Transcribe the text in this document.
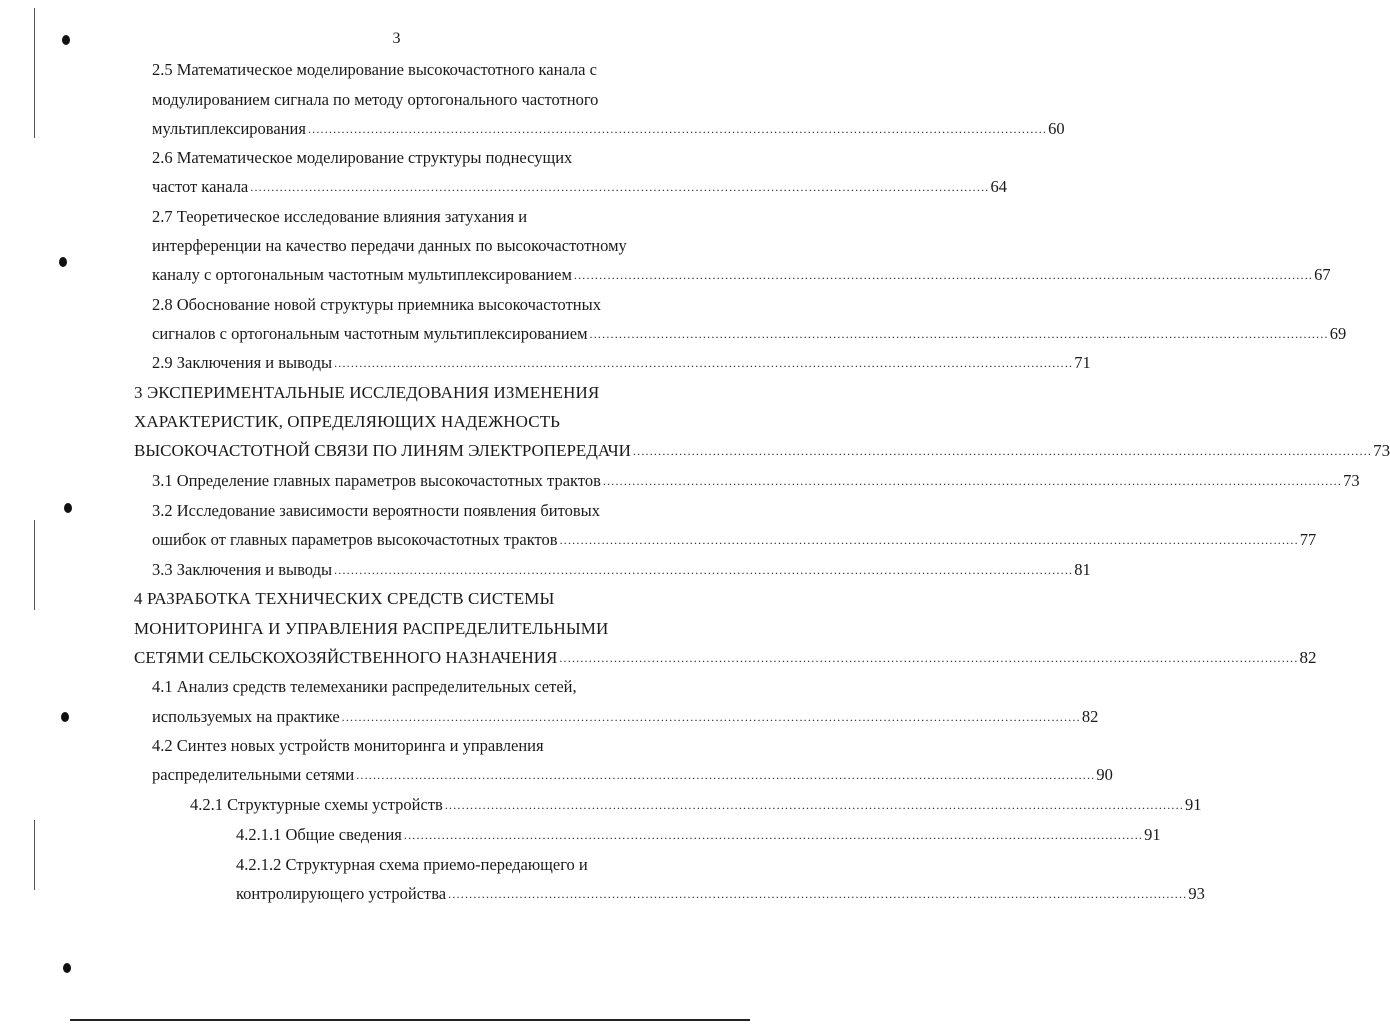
3
2.5 Математическое моделирование высокочастотного канала с
модулированием сигнала по методу ортогонального частотного
мультиплексирования ................................................................................................................................................................................ 60
2.6 Математическое моделирование структуры поднесущих
частот канала ................................................................................................................................................................................ 64
2.7 Теоретическое исследование влияния затухания и
интерференции на качество передачи данных по высокочастотному
каналу с ортогональным частотным мультиплексированием ................................................................................................................................................................................ 67
2.8 Обоснование новой структуры приемника высокочастотных
сигналов с ортогональным частотным мультиплексированием ................................................................................................................................................................................ 69
2.9 Заключения и выводы ................................................................................................................................................................................ 71
3 ЭКСПЕРИМЕНТАЛЬНЫЕ ИССЛЕДОВАНИЯ ИЗМЕНЕНИЯ
ХАРАКТЕРИСТИК, ОПРЕДЕЛЯЮЩИХ НАДЕЖНОСТЬ
ВЫСОКОЧАСТОТНОЙ СВЯЗИ ПО ЛИНЯМ ЭЛЕКТРОПЕРЕДАЧИ ................................................................................................................................................................................ 73
3.1 Определение главных параметров высокочастотных трактов ................................................................................................................................................................................ 73
3.2 Исследование зависимости вероятности появления битовых
ошибок от главных параметров высокочастотных трактов ................................................................................................................................................................................ 77
3.3 Заключения и выводы ................................................................................................................................................................................ 81
4 РАЗРАБОТКА ТЕХНИЧЕСКИХ СРЕДСТВ СИСТЕМЫ
МОНИТОРИНГА И УПРАВЛЕНИЯ РАСПРЕДЕЛИТЕЛЬНЫМИ
СЕТЯМИ СЕЛЬСКОХОЗЯЙСТВЕННОГО НАЗНАЧЕНИЯ ................................................................................................................................................................................ 82
4.1 Анализ средств телемеханики распределительных сетей,
используемых на практике ................................................................................................................................................................................ 82
4.2 Синтез новых устройств мониторинга и управления
распределительными сетями ................................................................................................................................................................................ 90
4.2.1 Структурные схемы устройств ................................................................................................................................................................................ 91
4.2.1.1 Общие сведения ................................................................................................................................................................................ 91
4.2.1.2 Структурная схема приемо-передающего и
контролирующего устройства ................................................................................................................................................................................ 93
